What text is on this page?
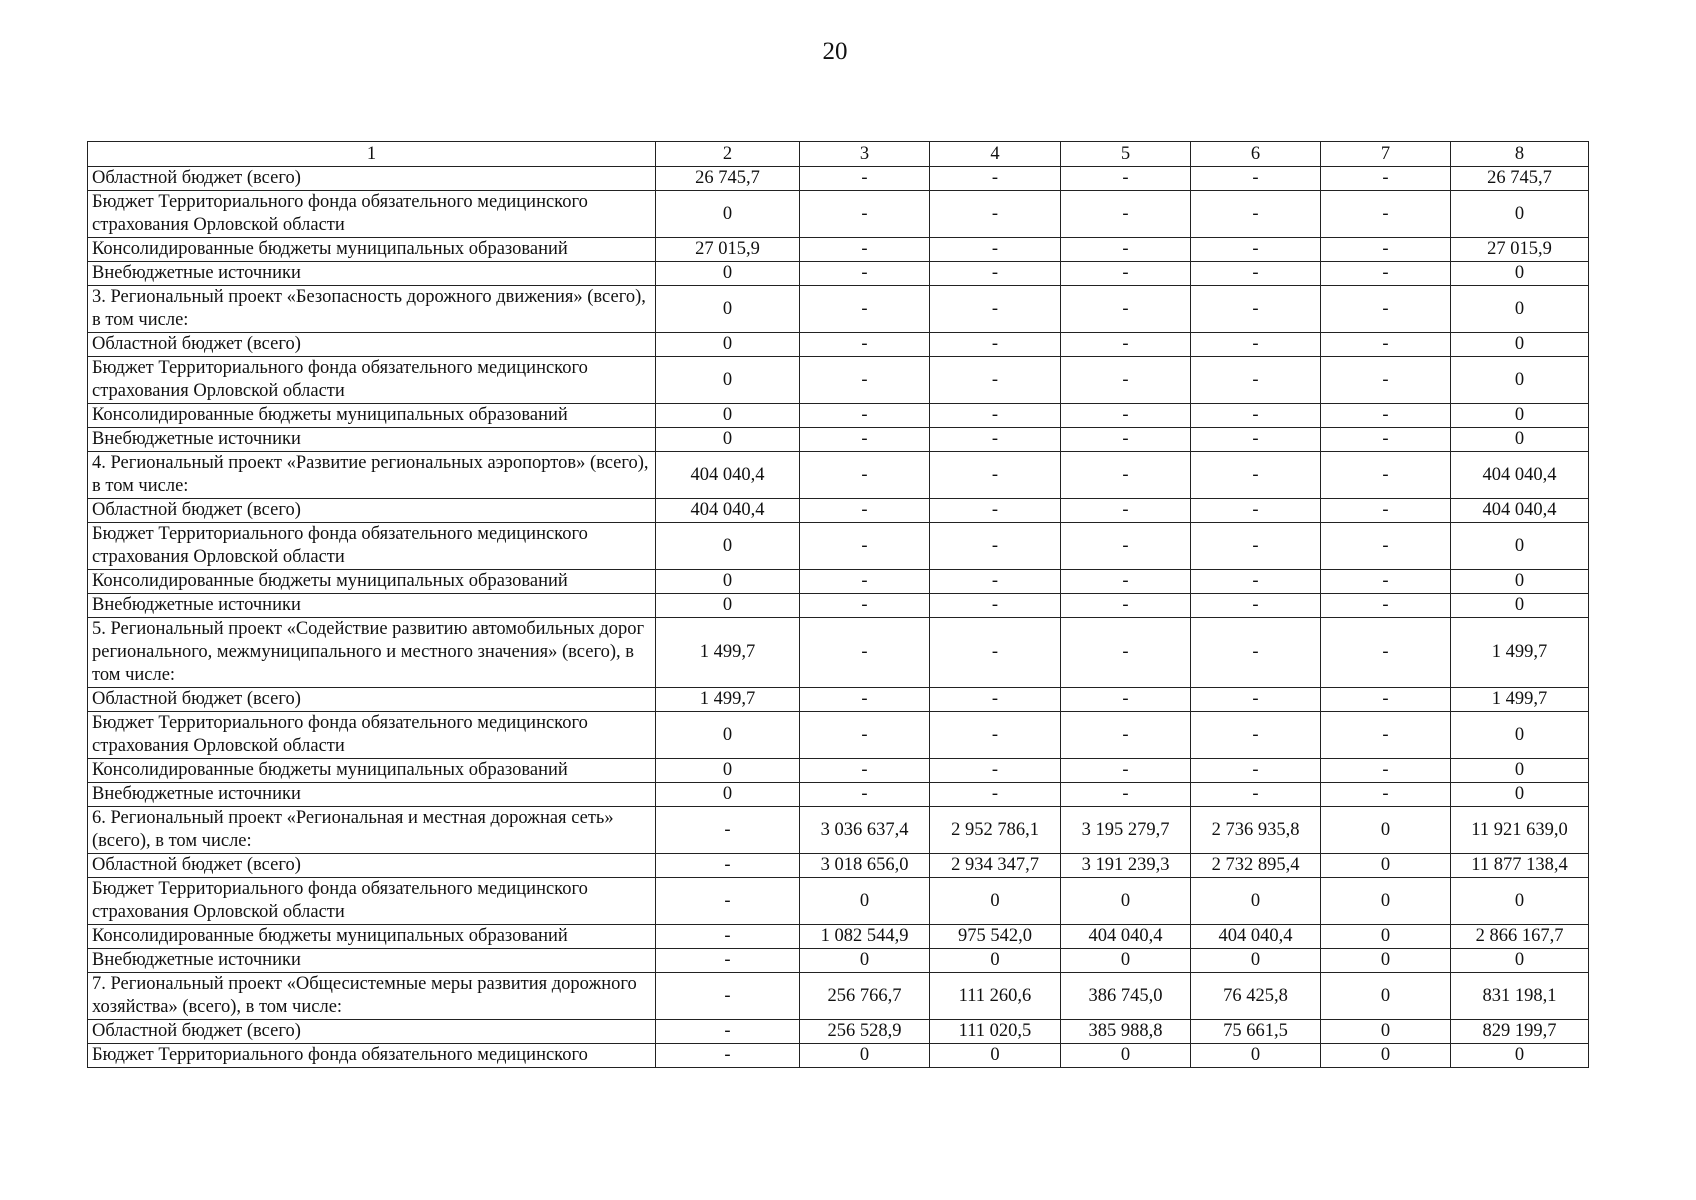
20
1	2	3	4	5	6	7	8
Областной бюджет (всего)	26 745,7	-	-	-	-	-	26 745,7
Бюджет Территориального фонда обязательного медицинского страхования Орловской области	0	-	-	-	-	-	0
Консолидированные бюджеты муниципальных образований	27 015,9	-	-	-	-	-	27 015,9
Внебюджетные источники	0	-	-	-	-	-	0
3. Региональный проект «Безопасность дорожного движения» (всего), в том числе:	0	-	-	-	-	-	0
Областной бюджет (всего)	0	-	-	-	-	-	0
Бюджет Территориального фонда обязательного медицинского страхования Орловской области	0	-	-	-	-	-	0
Консолидированные бюджеты муниципальных образований	0	-	-	-	-	-	0
Внебюджетные источники	0	-	-	-	-	-	0
4. Региональный проект «Развитие региональных аэропортов» (всего), в том числе:	404 040,4	-	-	-	-	-	404 040,4
Областной бюджет (всего)	404 040,4	-	-	-	-	-	404 040,4
Бюджет Территориального фонда обязательного медицинского страхования Орловской области	0	-	-	-	-	-	0
Консолидированные бюджеты муниципальных образований	0	-	-	-	-	-	0
Внебюджетные источники	0	-	-	-	-	-	0
5. Региональный проект «Содействие развитию автомобильных дорог регионального, межмуниципального и местного значения» (всего), в том числе:	1 499,7	-	-	-	-	-	1 499,7
Областной бюджет (всего)	1 499,7	-	-	-	-	-	1 499,7
Бюджет Территориального фонда обязательного медицинского страхования Орловской области	0	-	-	-	-	-	0
Консолидированные бюджеты муниципальных образований	0	-	-	-	-	-	0
Внебюджетные источники	0	-	-	-	-	-	0
6. Региональный проект «Региональная и местная дорожная сеть» (всего), в том числе:	-	3 036 637,4	2 952 786,1	3 195 279,7	2 736 935,8	0	11 921 639,0
Областной бюджет (всего)	-	3 018 656,0	2 934 347,7	3 191 239,3	2 732 895,4	0	11 877 138,4
Бюджет Территориального фонда обязательного медицинского страхования Орловской области	-	0	0	0	0	0	0
Консолидированные бюджеты муниципальных образований	-	1 082 544,9	975 542,0	404 040,4	404 040,4	0	2 866 167,7
Внебюджетные источники	-	0	0	0	0	0	0
7. Региональный проект «Общесистемные меры развития дорожного хозяйства» (всего), в том числе:	-	256 766,7	111 260,6	386 745,0	76 425,8	0	831 198,1
Областной бюджет (всего)	-	256 528,9	111 020,5	385 988,8	75 661,5	0	829 199,7
Бюджет Территориального фонда обязательного медицинского	-	0	0	0	0	0	0
